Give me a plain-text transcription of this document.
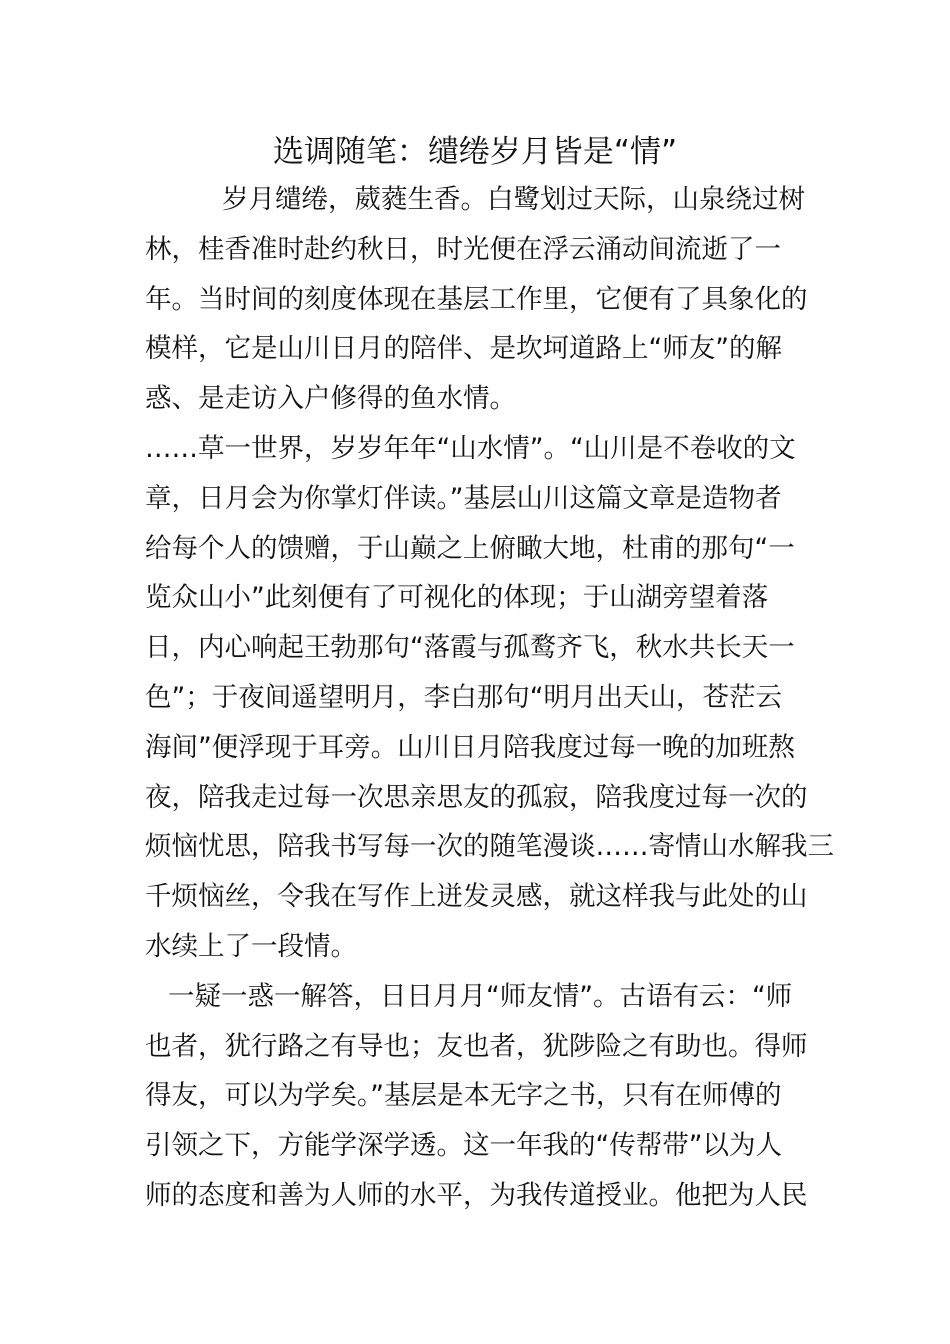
选调随笔：缱绻岁月皆是“情”
岁月缱绻，葳蕤生香。白鹭划过天际，山泉绕过树
林，桂香准时赴约秋日，时光便在浮云涌动间流逝了一
年。当时间的刻度体现在基层工作里，它便有了具象化的
模样，它是山川日月的陪伴、是坎坷道路上“师友”的解
惑、是走访入户修得的鱼水情。
……草一世界，岁岁年年“山水情”。“山川是不卷收的文
章，日月会为你掌灯伴读。”基层山川这篇文章是造物者
给每个人的馈赠，于山巅之上俯瞰大地，杜甫的那句“一
览众山小”此刻便有了可视化的体现；于山湖旁望着落
日，内心响起王勃那句“落霞与孤鹜齐飞，秋水共长天一
色”；于夜间遥望明月，李白那句“明月出天山，苍茫云
海间”便浮现于耳旁。山川日月陪我度过每一晚的加班熬
夜，陪我走过每一次思亲思友的孤寂，陪我度过每一次的
烦恼忧思，陪我书写每一次的随笔漫谈……寄情山水解我三
千烦恼丝，令我在写作上迸发灵感，就这样我与此处的山
水续上了一段情。
一疑一惑一解答，日日月月“师友情”。古语有云：“师
也者，犹行路之有导也；友也者，犹陟险之有助也。得师
得友，可以为学矣。”基层是本无字之书，只有在师傅的
引领之下，方能学深学透。这一年我的“传帮带”以为人
师的态度和善为人师的水平，为我传道授业。他把为人民
